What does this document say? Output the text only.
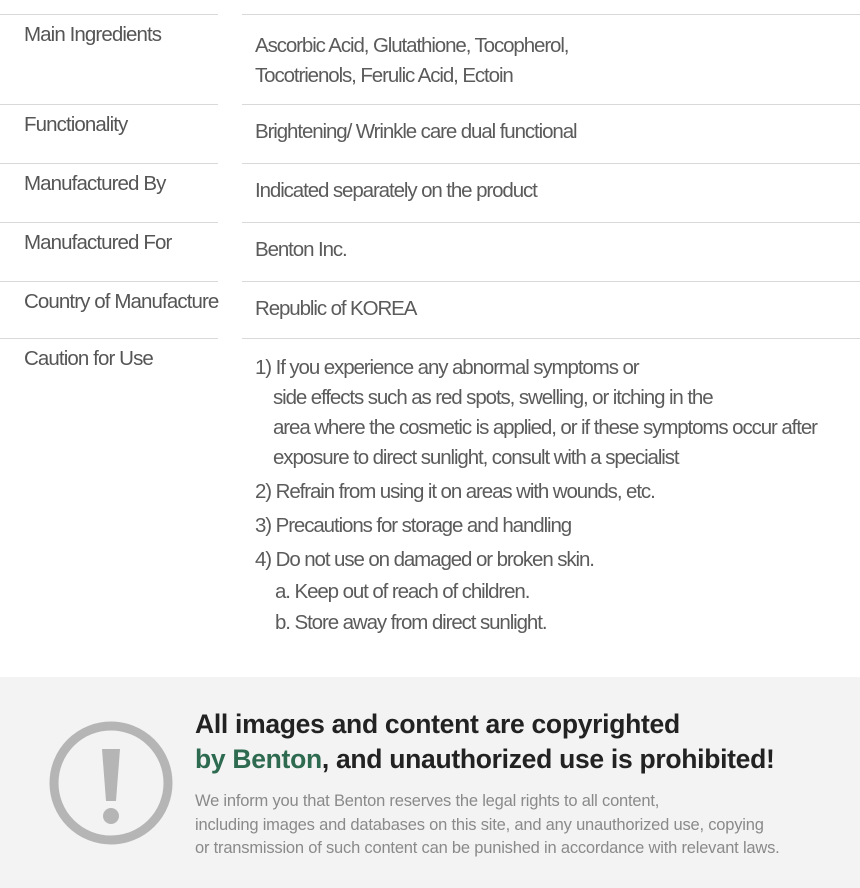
Main Ingredients	Ascorbic Acid, Glutathione, Tocopherol,
Tocotrienols, Ferulic Acid, Ectoin
Functionality	Brightening/ Wrinkle care dual functional
Manufactured By	Indicated separately on the product
Manufactured For	Benton Inc.
Country of Manufacture	Republic of KOREA
Caution for Use	1) If you experience any abnormal symptoms or
side effects such as red spots, swelling, or itching in the
area where the cosmetic is applied, or if these symptoms occur after
exposure to direct sunlight, consult with a specialist
2) Refrain from using it on areas with wounds, etc.
3) Precautions for storage and handling
4) Do not use on damaged or broken skin.
a. Keep out of reach of children.
b. Store away from direct sunlight.
All images and content are copyrighted
by Benton, and unauthorized use is prohibited!
We inform you that Benton reserves the legal rights to all content,
including images and databases on this site, and any unauthorized use, copying
or transmission of such content can be punished in accordance with relevant laws.
